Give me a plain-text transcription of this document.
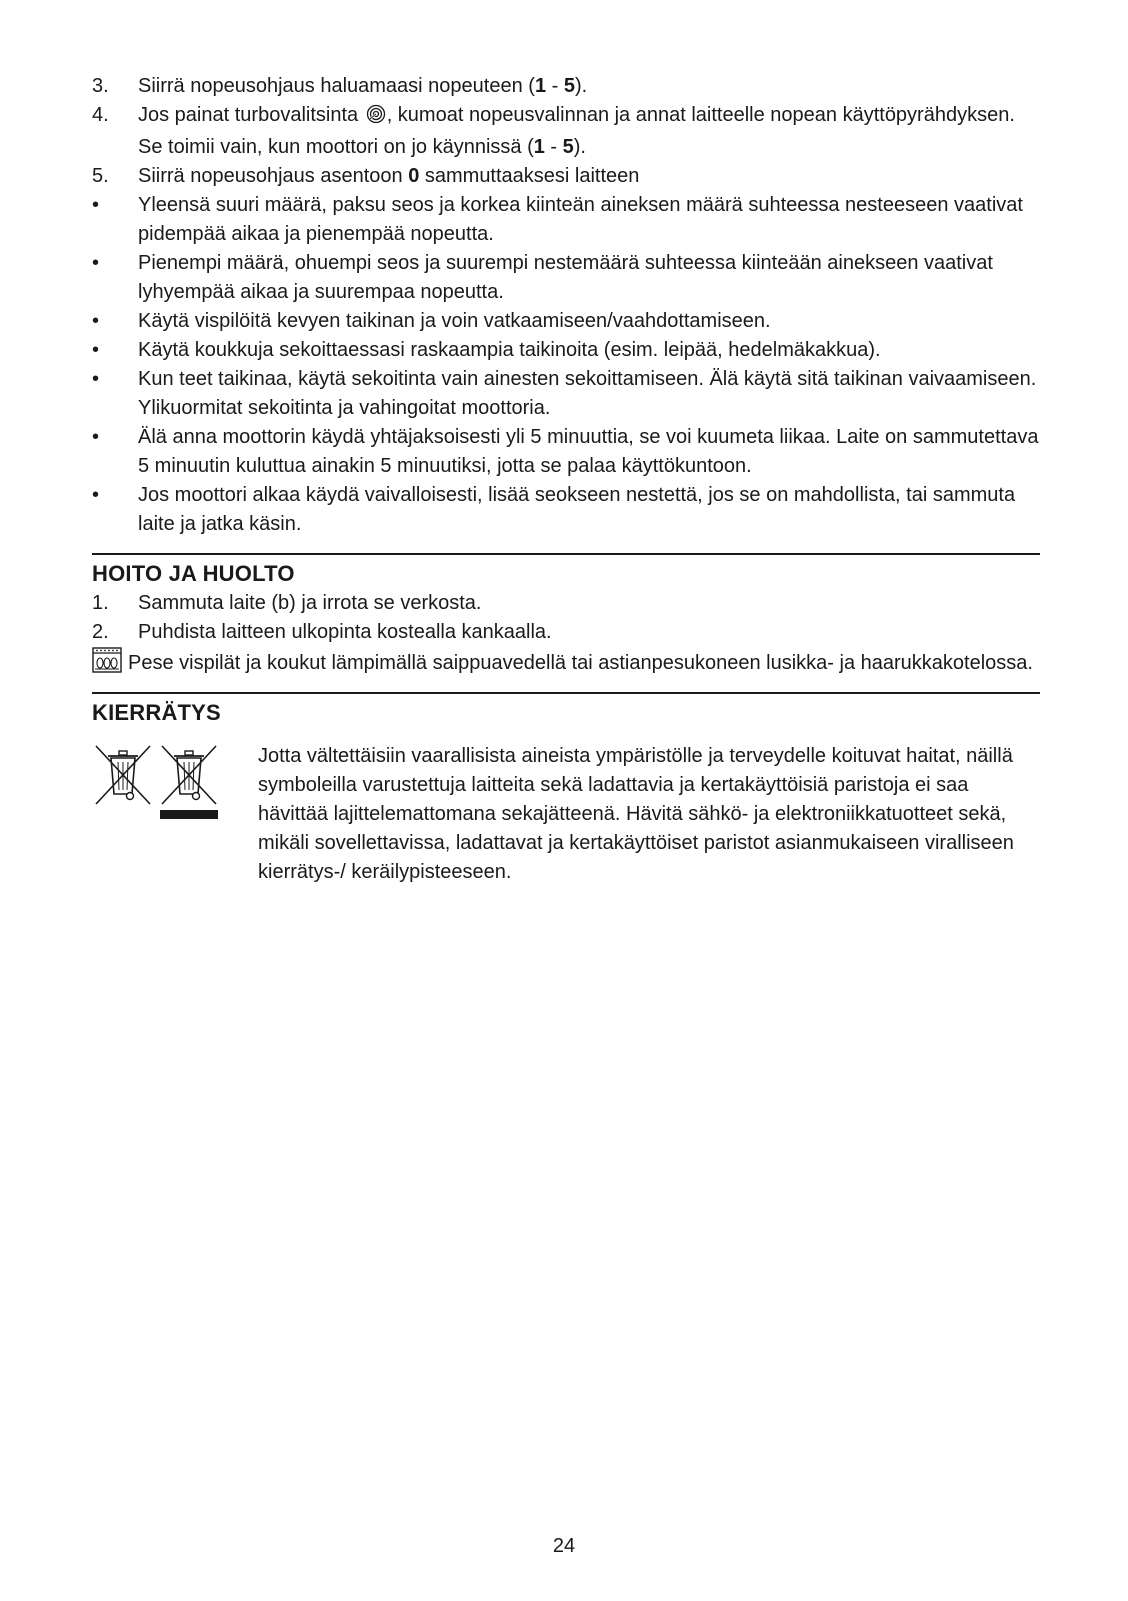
3.	Siirrä nopeusohjaus haluamaasi nopeuteen (1 - 5).
4.	Jos painat turbovalitsinta , kumoat nopeusvalinnan ja annat laitteelle nopean käyttöpyrähdyksen. Se toimii vain, kun moottori on jo käynnissä (1 - 5).
5.	Siirrä nopeusohjaus asentoon 0 sammuttaaksesi laitteen
•	Yleensä suuri määrä, paksu seos ja korkea kiinteän aineksen määrä suhteessa nesteeseen vaativat pidempää aikaa ja pienempää nopeutta.
•	Pienempi määrä, ohuempi seos ja suurempi nestemäärä suhteessa kiinteään ainekseen vaativat lyhyempää aikaa ja suurempaa nopeutta.
•	Käytä vispilöitä kevyen taikinan ja voin vatkaamiseen/vaahdottamiseen.
•	Käytä koukkuja sekoittaessasi raskaampia taikinoita (esim. leipää, hedelmäkakkua).
•	Kun teet taikinaa, käytä sekoitinta vain ainesten sekoittamiseen. Älä käytä sitä taikinan vaivaamiseen. Ylikuormitat sekoitinta ja vahingoitat moottoria.
•	Älä anna moottorin käydä yhtäjaksoisesti yli 5 minuuttia, se voi kuumeta liikaa. Laite on sammutettava 5 minuutin kuluttua ainakin 5 minuutiksi, jotta se palaa käyttökuntoon.
•	Jos moottori alkaa käydä vaivalloisesti, lisää seokseen nestettä, jos se on mahdollista, tai sammuta laite ja jatka käsin.
HOITO JA HUOLTO
1.	Sammuta laite (b) ja irrota se verkosta.
2.	Puhdista laitteen ulkopinta kostealla kankaalla.
Pese vispilät ja koukut lämpimällä saippuavedellä tai astianpesukoneen lusikka- ja haarukkakotelossa.
KIERRÄTYS
Jotta vältettäisiin vaarallisista aineista ympäristölle ja terveydelle koituvat haitat, näillä symboleilla varustettuja laitteita sekä ladattavia ja kertakäyttöisiä paristoja ei saa hävittää lajittelemattomana sekajätteenä. Hävitä sähkö- ja elektroniikkatuotteet sekä, mikäli sovellettavissa, ladattavat ja kertakäyttöiset paristot asianmukaiseen viralliseen kierrätys-/ keräilypisteeseen.
24
